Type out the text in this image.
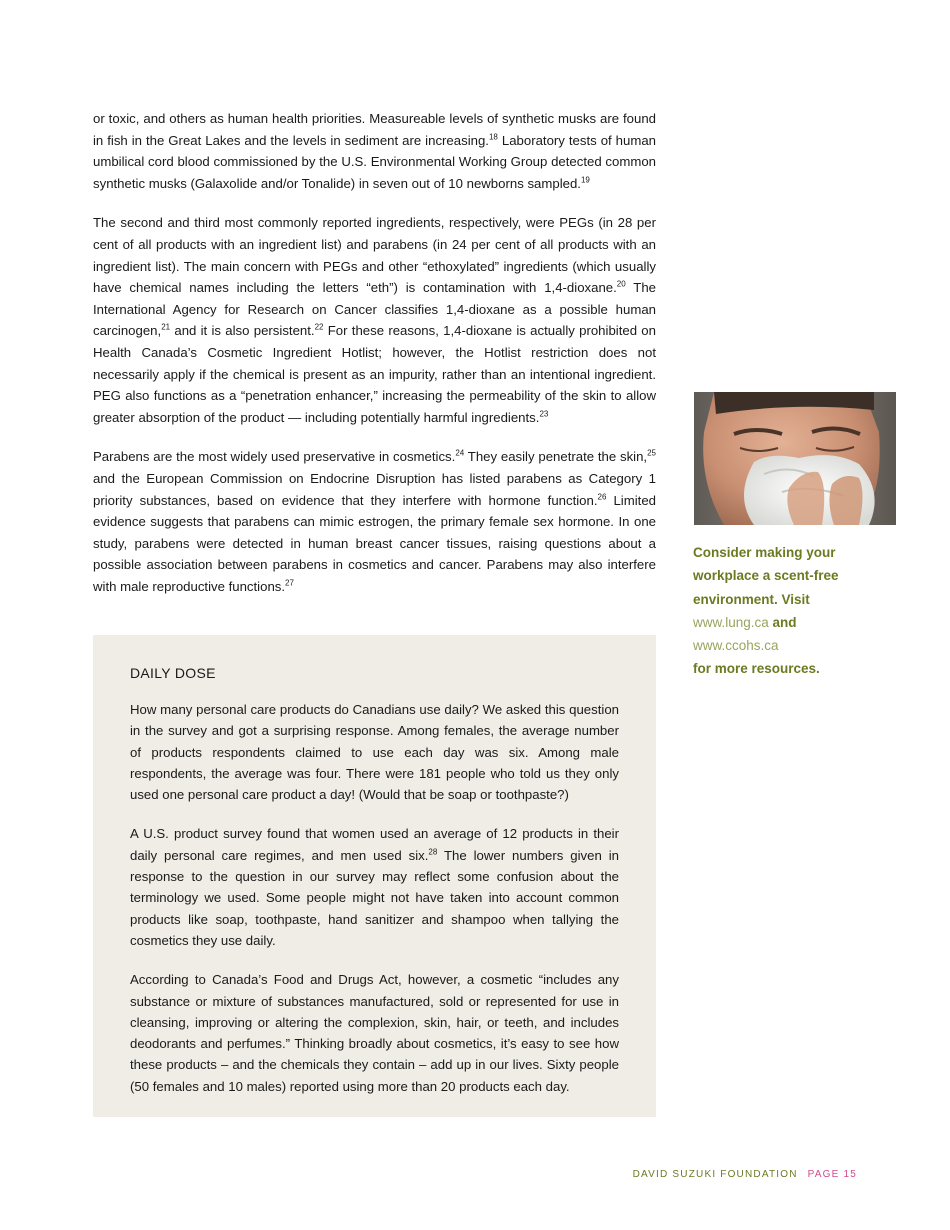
or toxic, and others as human health priorities. Measureable levels of synthetic musks are found in fish in the Great Lakes and the levels in sediment are increasing.$^{18}$ Laboratory tests of human umbilical cord blood commissioned by the U.S. Environmental Working Group detected common synthetic musks (Galaxolide and/or Tonalide) in seven out of 10 newborns sampled.$^{19}$

The second and third most commonly reported ingredients, respectively, were PEGs (in 28 per cent of all products with an ingredient list) and parabens (in 24 per cent of all products with an ingredient list). The main concern with PEGs and other “ethoxylated” ingredients (which usually have chemical names including the letters “eth”) is contamination with 1,4-dioxane.$^{20}$ The International Agency for Research on Cancer classifies 1,4-dioxane as a possible human carcinogen,$^{21}$ and it is also persistent.$^{22}$ For these reasons, 1,4-dioxane is actually prohibited on Health Canada’s Cosmetic Ingredient Hotlist; however, the Hotlist restriction does not necessarily apply if the chemical is present as an impurity, rather than an intentional ingredient. PEG also functions as a “penetration enhancer,” increasing the permeability of the skin to allow greater absorption of the product — including potentially harmful ingredients.$^{23}$

Parabens are the most widely used preservative in cosmetics.$^{24}$ They easily penetrate the skin,$^{25}$ and the European Commission on Endocrine Disruption has listed parabens as Category 1 priority substances, based on evidence that they interfere with hormone function.$^{26}$ Limited evidence suggests that parabens can mimic estrogen, the primary female sex hormone. In one study, parabens were detected in human breast cancer tissues, raising questions about a possible association between parabens in cosmetics and cancer. Parabens may also interfere with male reproductive functions.$^{27}$

DAILY DOSE

How many personal care products do Canadians use daily? We asked this question in the survey and got a surprising response. Among females, the average number of products respondents claimed to use each day was six. Among male respondents, the average was four. There were 181 people who told us they only used one personal care product a day! (Would that be soap or toothpaste?)

A U.S. product survey found that women used an average of 12 products in their daily personal care regimes, and men used six.$^{28}$ The lower numbers given in response to the question in our survey may reflect some confusion about the terminology we used. Some people might not have taken into account common products like soap, toothpaste, hand sanitizer and shampoo when tallying the cosmetics they use daily.

According to Canada’s Food and Drugs Act, however, a cosmetic “includes any substance or mixture of substances manufactured, sold or represented for use in cleansing, improving or altering the complexion, skin, hair, or teeth, and includes deodorants and perfumes.” Thinking broadly about cosmetics, it’s easy to see how these products – and the chemicals they contain – add up in our lives. Sixty people (50 females and 10 males) reported using more than 20 products each day.

Consider making your
workplace a scent-free
environment. Visit
www.lung.ca and
www.ccohs.ca
for more resources.
DAVID SUZUKI FOUNDATION PAGE 15
